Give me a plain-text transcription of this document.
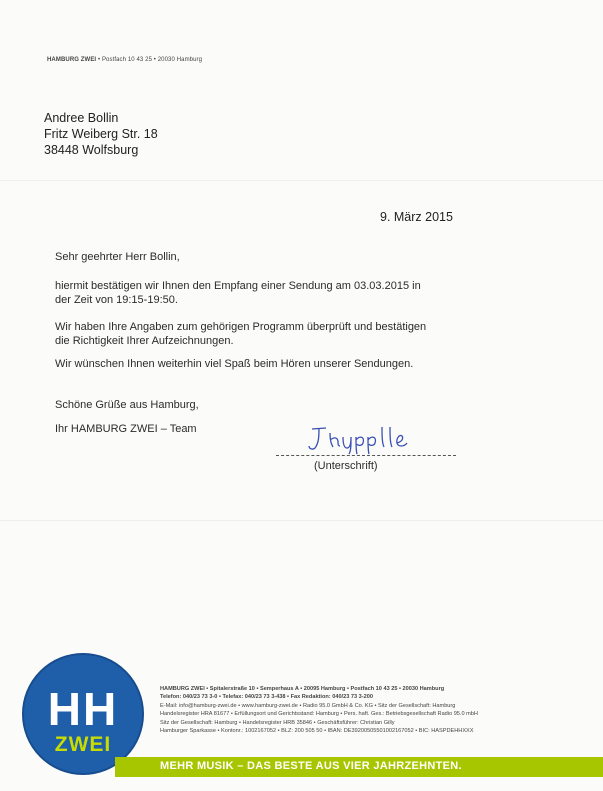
HAMBURG ZWEI • Postfach 10 43 25 • 20030 Hamburg
Andree Bollin
Fritz Weiberg Str. 18
38448 Wolfsburg
9. März 2015
Sehr geehrter Herr Bollin,
hiermit bestätigen wir Ihnen den Empfang einer Sendung am 03.03.2015 in
der Zeit von 19:15-19:50.
Wir haben Ihre Angaben zum gehörigen Programm überprüft und bestätigen
die Richtigkeit Ihrer Aufzeichnungen.
Wir wünschen Ihnen weiterhin viel Spaß beim Hören unserer Sendungen.
Schöne Grüße aus Hamburg,
Ihr HAMBURG ZWEI – Team
(Unterschrift)
HH
ZWEI
HAMBURG ZWEI • Spitalerstraße 10 • Semperhaus A • 20095 Hamburg • Postfach 10 43 25 • 20030 Hamburg
Telefon: 040/23 73 3-0 • Telefax: 040/23 73 3-438 • Fax Redaktion: 040/23 73 3-200
E-Mail: info@hamburg-zwei.de • www.hamburg-zwei.de • Radio 95.0 GmbH & Co. KG • Sitz der Gesellschaft: Hamburg
Handelsregister HRA 81677 • Erfüllungsort und Gerichtsstand: Hamburg • Pers. haft. Ges.: Betriebsgesellschaft Radio 95.0 mbH
Sitz der Gesellschaft: Hamburg • Handelsregister HRB 35846 • Geschäftsführer: Christian Gilly
Hamburger Sparkasse • Kontonr.: 1002167052 • BLZ: 200 505 50 • IBAN: DE39200505501002167052 • BIC: HASPDEHHXXX
MEHR MUSIK – DAS BESTE AUS VIER JAHRZEHNTEN.
